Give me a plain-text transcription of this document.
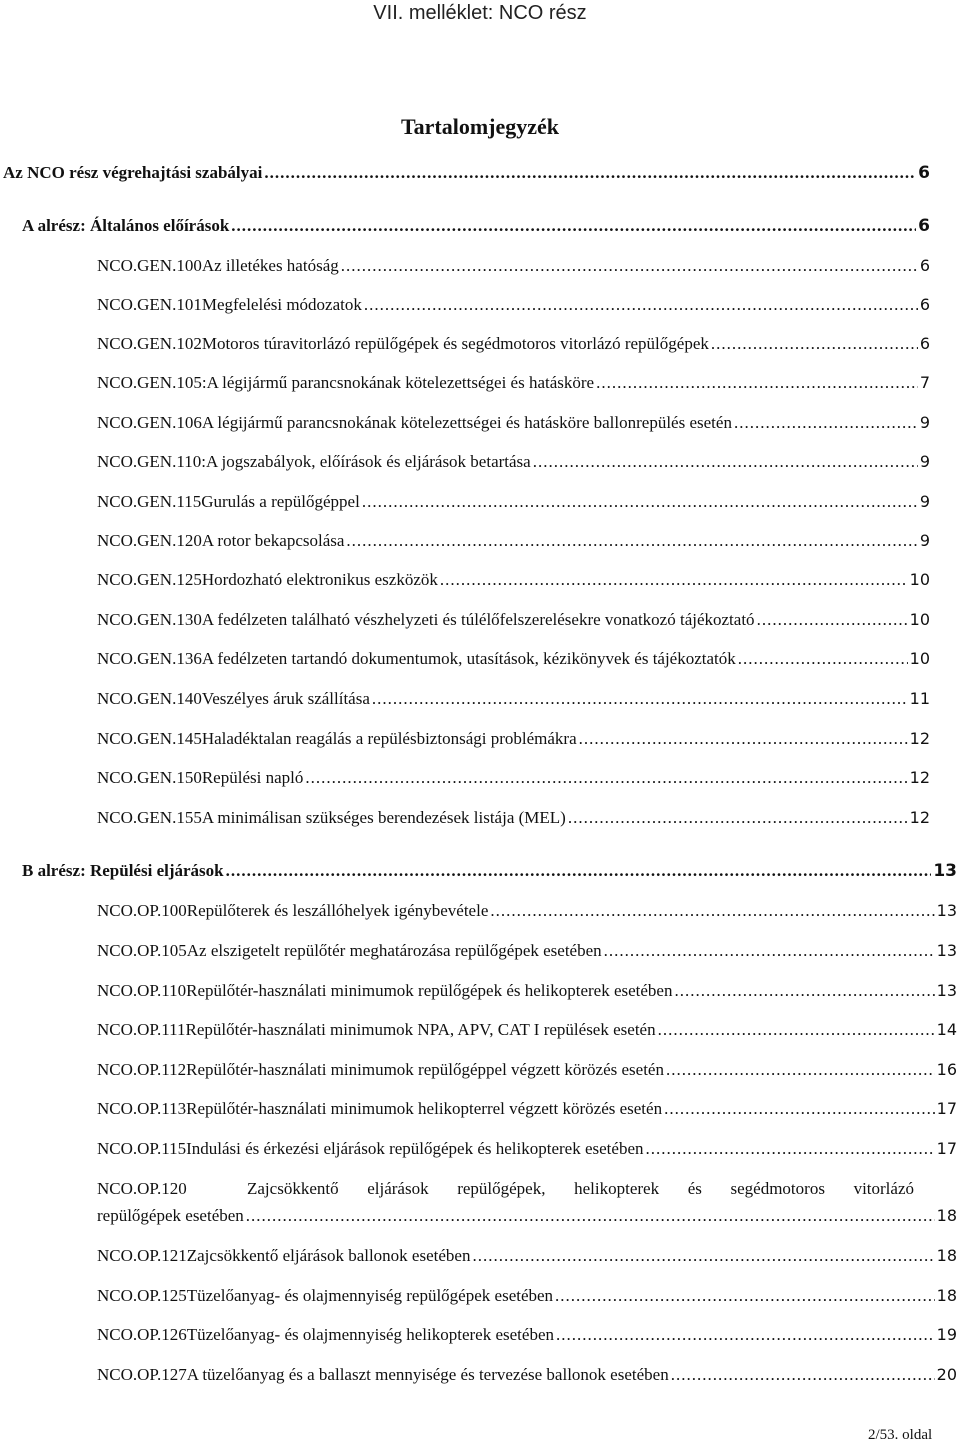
VII. melléklet: NCO rész
Tartalomjegyzék
Az NCO rész végrehajtási szabályai .....	6
A alrész: Általános előírások .....	6
NCO.GEN.100 Az illetékes hatóság .....	6
NCO.GEN.101 Megfelelési módozatok .....	6
NCO.GEN.102 Motoros túravitorlázó repülőgépek és segédmotoros vitorlázó repülőgépek .....	6
NCO.GEN.105: A légijármű parancsnokának kötelezettségei és hatásköre .....	7
NCO.GEN.106 A légijármű parancsnokának kötelezettségei és hatásköre ballonrepülés esetén .....	9
NCO.GEN.110: A jogszabályok, előírások és eljárások betartása .....	9
NCO.GEN.115 Gurulás a repülőgéppel .....	9
NCO.GEN.120 A rotor bekapcsolása .....	9
NCO.GEN.125 Hordozható elektronikus eszközök .....	10
NCO.GEN.130 A fedélzeten található vészhelyzeti és túlélőfelszerelésekre vonatkozó tájékoztató .....	10
NCO.GEN.136 A fedélzeten tartandó dokumentumok, utasítások, kézikönyvek és tájékoztatók .....	10
NCO.GEN.140 Veszélyes áruk szállítása .....	11
NCO.GEN.145 Haladéktalan reagálás a repülésbiztonsági problémákra .....	12
NCO.GEN.150 Repülési napló .....	12
NCO.GEN.155 A minimálisan szükséges berendezések listája (MEL) .....	12
B alrész: Repülési eljárások .....	13
NCO.OP.100 Repülőterek és leszállóhelyek igénybevétele .....	13
NCO.OP.105 Az elszigetelt repülőtér meghatározása repülőgépek esetében .....	13
NCO.OP.110 Repülőtér-használati minimumok repülőgépek és helikopterek esetében .....	13
NCO.OP.111 Repülőtér-használati minimumok NPA, APV, CAT I repülések esetén .....	14
NCO.OP.112 Repülőtér-használati minimumok repülőgéppel végzett körözés esetén .....	16
NCO.OP.113 Repülőtér-használati minimumok helikopterrel végzett körözés esetén .....	17
NCO.OP.115 Indulási és érkezési eljárások repülőgépek és helikopterek esetében .....	17
NCO.OP.120	Zajcsökkentő eljárások repülőgépek, helikopterek és segédmotoros vitorlázó
repülőgépek esetében .....	18
NCO.OP.121 Zajcsökkentő eljárások ballonok esetében .....	18
NCO.OP.125 Tüzelőanyag- és olajmennyiség repülőgépek esetében .....	18
NCO.OP.126 Tüzelőanyag- és olajmennyiség helikopterek esetében .....	19
NCO.OP.127 A tüzelőanyag és a ballaszt mennyisége és tervezése ballonok esetében .....	20
2/53. oldal
